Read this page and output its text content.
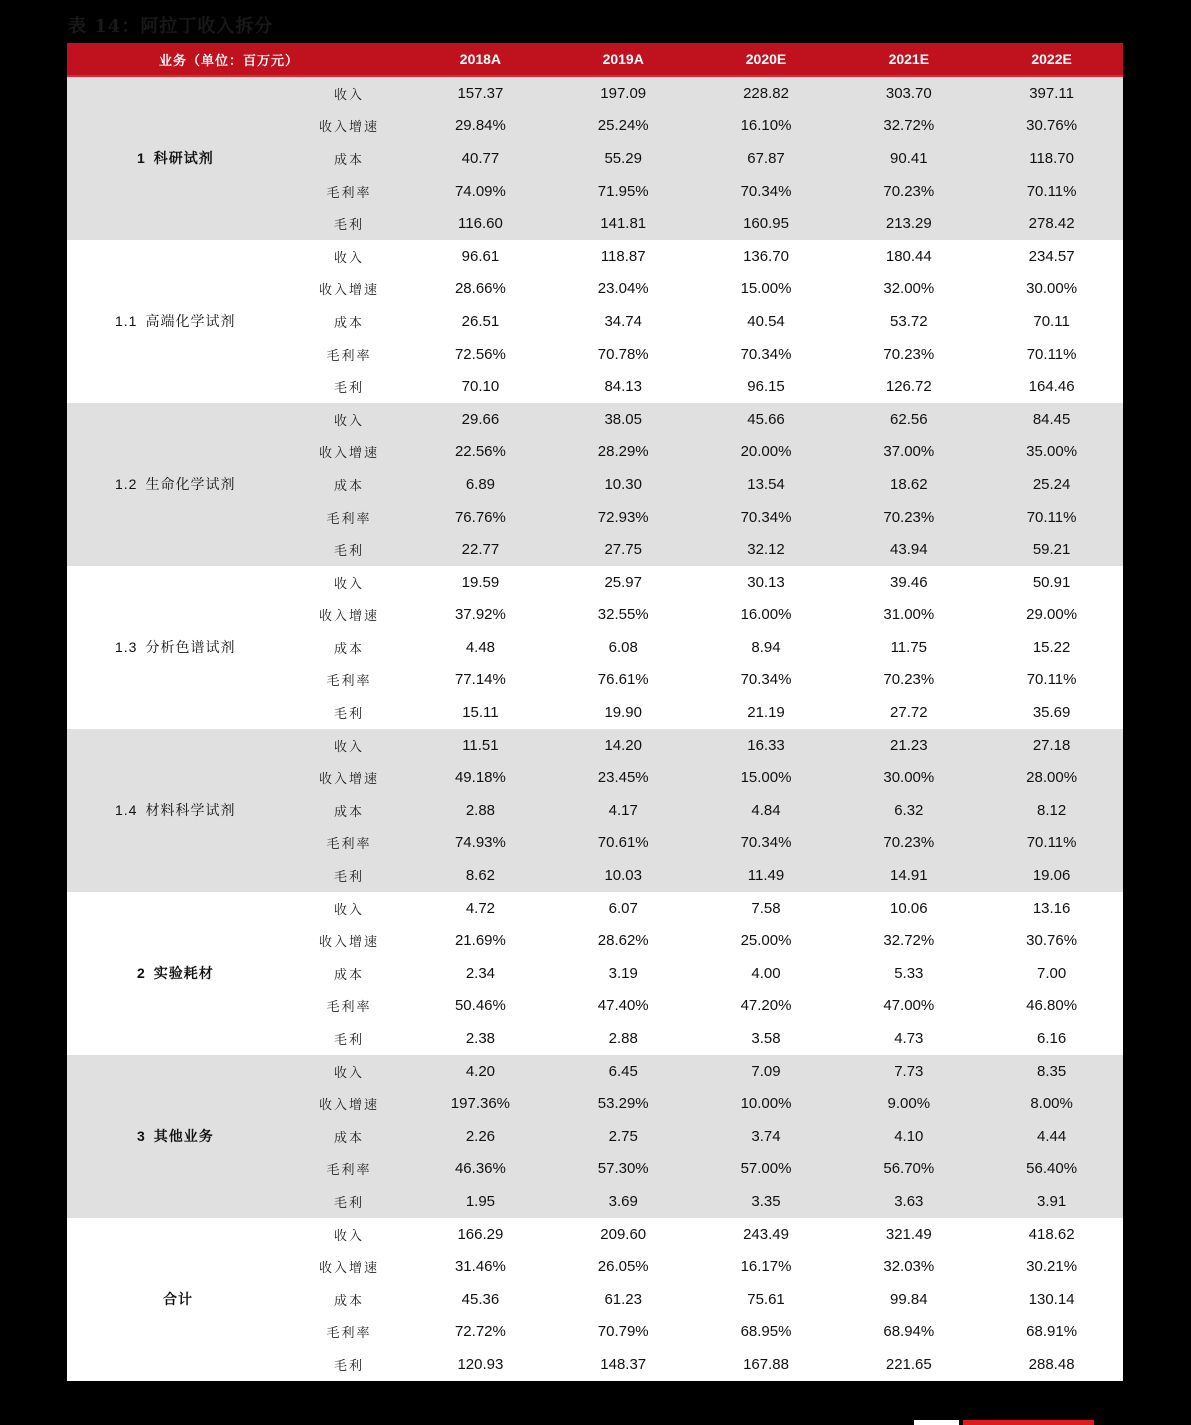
表 14：阿拉丁收入拆分
业务（单位：百万元）		2018A	2019A	2020E	2021E	2022E
1 科研试剂	收入	157.37	197.09	228.82	303.70	397.11
	收入增速	29.84%	25.24%	16.10%	32.72%	30.76%
	成本	40.77	55.29	67.87	90.41	118.70
	毛利率	74.09%	71.95%	70.34%	70.23%	70.11%
	毛利	116.60	141.81	160.95	213.29	278.42
1.1 高端化学试剂	收入	96.61	118.87	136.70	180.44	234.57
	收入增速	28.66%	23.04%	15.00%	32.00%	30.00%
	成本	26.51	34.74	40.54	53.72	70.11
	毛利率	72.56%	70.78%	70.34%	70.23%	70.11%
	毛利	70.10	84.13	96.15	126.72	164.46
1.2 生命化学试剂	收入	29.66	38.05	45.66	62.56	84.45
	收入增速	22.56%	28.29%	20.00%	37.00%	35.00%
	成本	6.89	10.30	13.54	18.62	25.24
	毛利率	76.76%	72.93%	70.34%	70.23%	70.11%
	毛利	22.77	27.75	32.12	43.94	59.21
1.3 分析色谱试剂	收入	19.59	25.97	30.13	39.46	50.91
	收入增速	37.92%	32.55%	16.00%	31.00%	29.00%
	成本	4.48	6.08	8.94	11.75	15.22
	毛利率	77.14%	76.61%	70.34%	70.23%	70.11%
	毛利	15.11	19.90	21.19	27.72	35.69
1.4 材料科学试剂	收入	11.51	14.20	16.33	21.23	27.18
	收入增速	49.18%	23.45%	15.00%	30.00%	28.00%
	成本	2.88	4.17	4.84	6.32	8.12
	毛利率	74.93%	70.61%	70.34%	70.23%	70.11%
	毛利	8.62	10.03	11.49	14.91	19.06
2 实验耗材	收入	4.72	6.07	7.58	10.06	13.16
	收入增速	21.69%	28.62%	25.00%	32.72%	30.76%
	成本	2.34	3.19	4.00	5.33	7.00
	毛利率	50.46%	47.40%	47.20%	47.00%	46.80%
	毛利	2.38	2.88	3.58	4.73	6.16
3 其他业务	收入	4.20	6.45	7.09	7.73	8.35
	收入增速	197.36%	53.29%	10.00%	9.00%	8.00%
	成本	2.26	2.75	3.74	4.10	4.44
	毛利率	46.36%	57.30%	57.00%	56.70%	56.40%
	毛利	1.95	3.69	3.35	3.63	3.91
合计	收入	166.29	209.60	243.49	321.49	418.62
	收入增速	31.46%	26.05%	16.17%	32.03%	30.21%
	成本	45.36	61.23	75.61	99.84	130.14
	毛利率	72.72%	70.79%	68.95%	68.94%	68.91%
	毛利	120.93	148.37	167.88	221.65	288.48
